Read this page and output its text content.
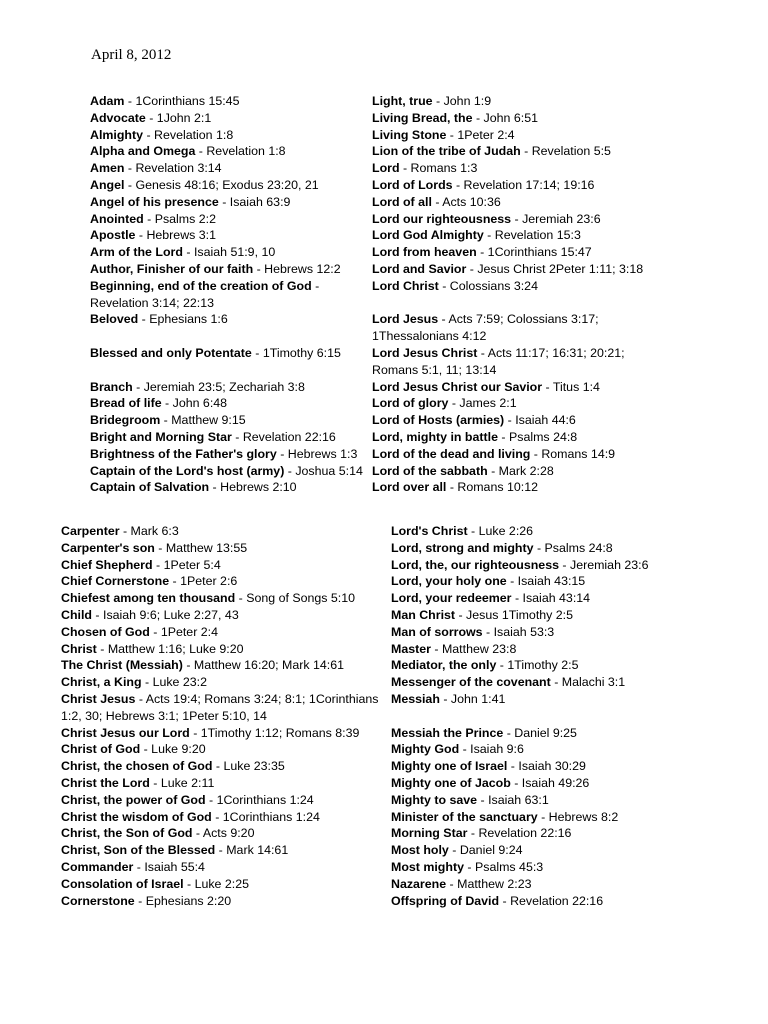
April 8, 2012
Adam - 1Corinthians 15:45
Advocate - 1John 2:1
Almighty - Revelation 1:8
Alpha and Omega - Revelation 1:8
Amen - Revelation 3:14
Angel - Genesis 48:16; Exodus 23:20, 21
Angel of his presence - Isaiah 63:9
Anointed - Psalms 2:2
Apostle - Hebrews 3:1
Arm of the Lord - Isaiah 51:9, 10
Author, Finisher of our faith - Hebrews 12:2
Beginning, end of the creation of God - Revelation 3:14; 22:13
Beloved - Ephesians 1:6
Blessed and only Potentate - 1Timothy 6:15
Branch - Jeremiah 23:5; Zechariah 3:8
Bread of life - John 6:48
Bridegroom - Matthew 9:15
Bright and Morning Star - Revelation 22:16
Brightness of the Father's glory - Hebrews 1:3
Captain of the Lord's host (army) - Joshua 5:14
Captain of Salvation - Hebrews 2:10
Light, true - John 1:9
Living Bread, the - John 6:51
Living Stone - 1Peter 2:4
Lion of the tribe of Judah - Revelation 5:5
Lord - Romans 1:3
Lord of Lords - Revelation 17:14; 19:16
Lord of all - Acts 10:36
Lord our righteousness - Jeremiah 23:6
Lord God Almighty - Revelation 15:3
Lord from heaven - 1Corinthians 15:47
Lord and Savior - Jesus Christ 2Peter 1:11; 3:18
Lord Christ - Colossians 3:24
Lord Jesus - Acts 7:59; Colossians 3:17; 1Thessalonians 4:12
Lord Jesus Christ - Acts 11:17; 16:31; 20:21; Romans 5:1, 11; 13:14
Lord Jesus Christ our Savior - Titus 1:4
Lord of glory - James 2:1
Lord of Hosts (armies) - Isaiah 44:6
Lord, mighty in battle - Psalms 24:8
Lord of the dead and living - Romans 14:9
Lord of the sabbath - Mark 2:28
Lord over all - Romans 10:12
Carpenter - Mark 6:3
Carpenter's son - Matthew 13:55
Chief Shepherd - 1Peter 5:4
Chief Cornerstone - 1Peter 2:6
Chiefest among ten thousand - Song of Songs 5:10
Child - Isaiah 9:6; Luke 2:27, 43
Chosen of God - 1Peter 2:4
Christ - Matthew 1:16; Luke 9:20
The Christ (Messiah) - Matthew 16:20; Mark 14:61
Christ, a King - Luke 23:2
Christ Jesus - Acts 19:4; Romans 3:24; 8:1; 1Corinthians 1:2, 30; Hebrews 3:1; 1Peter 5:10, 14
Christ Jesus our Lord - 1Timothy 1:12; Romans 8:39
Christ of God - Luke 9:20
Christ, the chosen of God - Luke 23:35
Christ the Lord - Luke 2:11
Christ, the power of God - 1Corinthians 1:24
Christ the wisdom of God - 1Corinthians 1:24
Christ, the Son of God - Acts 9:20
Christ, Son of the Blessed - Mark 14:61
Commander - Isaiah 55:4
Consolation of Israel - Luke 2:25
Cornerstone - Ephesians 2:20
Lord's Christ - Luke 2:26
Lord, strong and mighty - Psalms 24:8
Lord, the, our righteousness - Jeremiah 23:6
Lord, your holy one - Isaiah 43:15
Lord, your redeemer - Isaiah 43:14
Man Christ - Jesus 1Timothy 2:5
Man of sorrows - Isaiah 53:3
Master - Matthew 23:8
Mediator, the only - 1Timothy 2:5
Messenger of the covenant - Malachi 3:1
Messiah - John 1:41
Messiah the Prince - Daniel 9:25
Mighty God - Isaiah 9:6
Mighty one of Israel - Isaiah 30:29
Mighty one of Jacob - Isaiah 49:26
Mighty to save - Isaiah 63:1
Minister of the sanctuary - Hebrews 8:2
Morning Star - Revelation 22:16
Most holy - Daniel 9:24
Most mighty - Psalms 45:3
Nazarene - Matthew 2:23
Offspring of David - Revelation 22:16
